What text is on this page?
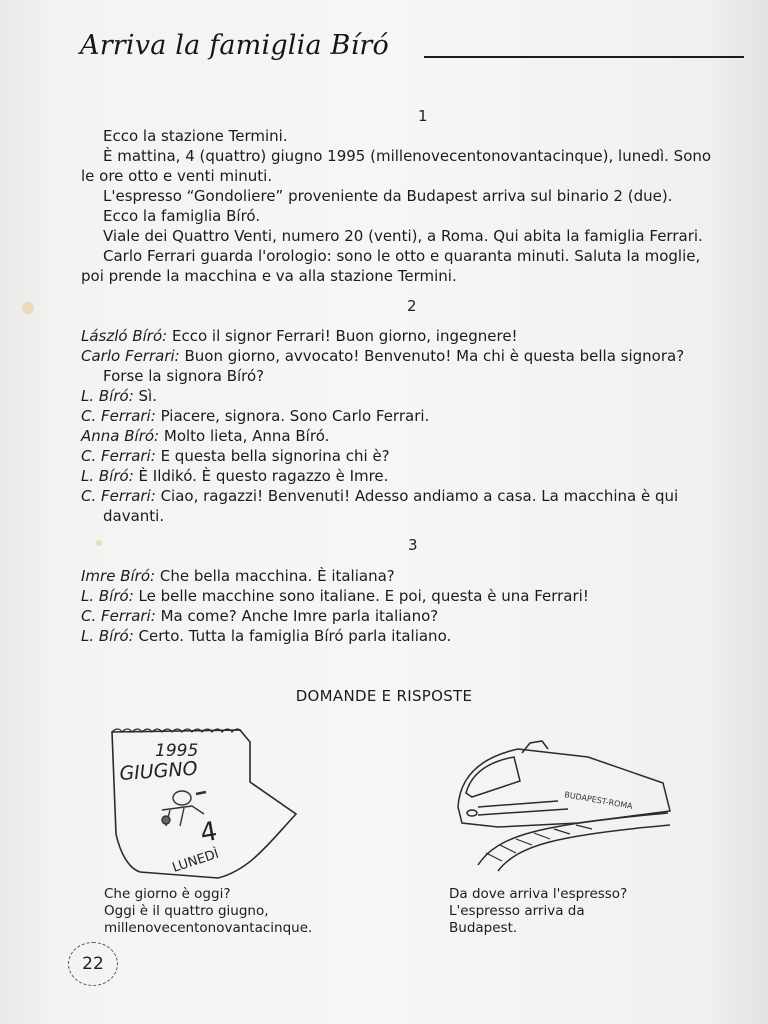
Arriva la famiglia Bíró
1
Ecco la stazione Termini.
È mattina, 4 (quattro) giugno 1995 (millenovecentonovantacinque), lunedì. Sono
le ore otto e venti minuti.
L'espresso “Gondoliere” proveniente da Budapest arriva sul binario 2 (due).
Ecco la famiglia Bíró.
Viale dei Quattro Venti, numero 20 (venti), a Roma. Qui abita la famiglia Ferrari.
Carlo Ferrari guarda l'orologio: sono le otto e quaranta minuti. Saluta la moglie,
poi prende la macchina e va alla stazione Termini.
2
László Bíró: Ecco il signor Ferrari! Buon giorno, ingegnere!
Carlo Ferrari: Buon giorno, avvocato! Benvenuto! Ma chi è questa bella signora?
Forse la signora Bíró?
L. Bíró: Sì.
C. Ferrari: Piacere, signora. Sono Carlo Ferrari.
Anna Bíró: Molto lieta, Anna Bíró.
C. Ferrari: E questa bella signorina chi è?
L. Bíró: È Ildikó. È questo ragazzo è Imre.
C. Ferrari: Ciao, ragazzi! Benvenuti! Adesso andiamo a casa. La macchina è qui
davanti.
3
Imre Bíró: Che bella macchina. È italiana?
L. Bíró: Le belle macchine sono italiane. E poi, questa è una Ferrari!
C. Ferrari: Ma come? Anche Imre parla italiano?
L. Bíró: Certo. Tutta la famiglia Bíró parla italiano.
DOMANDE E RISPOSTE
1995
GIUGNO
4
LUNEDÌ
BUDAPEST-ROMA
Che giorno è oggi?
Oggi è il quattro giugno,
millenovecentonovantacinque.
Da dove arriva l'espresso?
L'espresso arriva da
Budapest.
22
